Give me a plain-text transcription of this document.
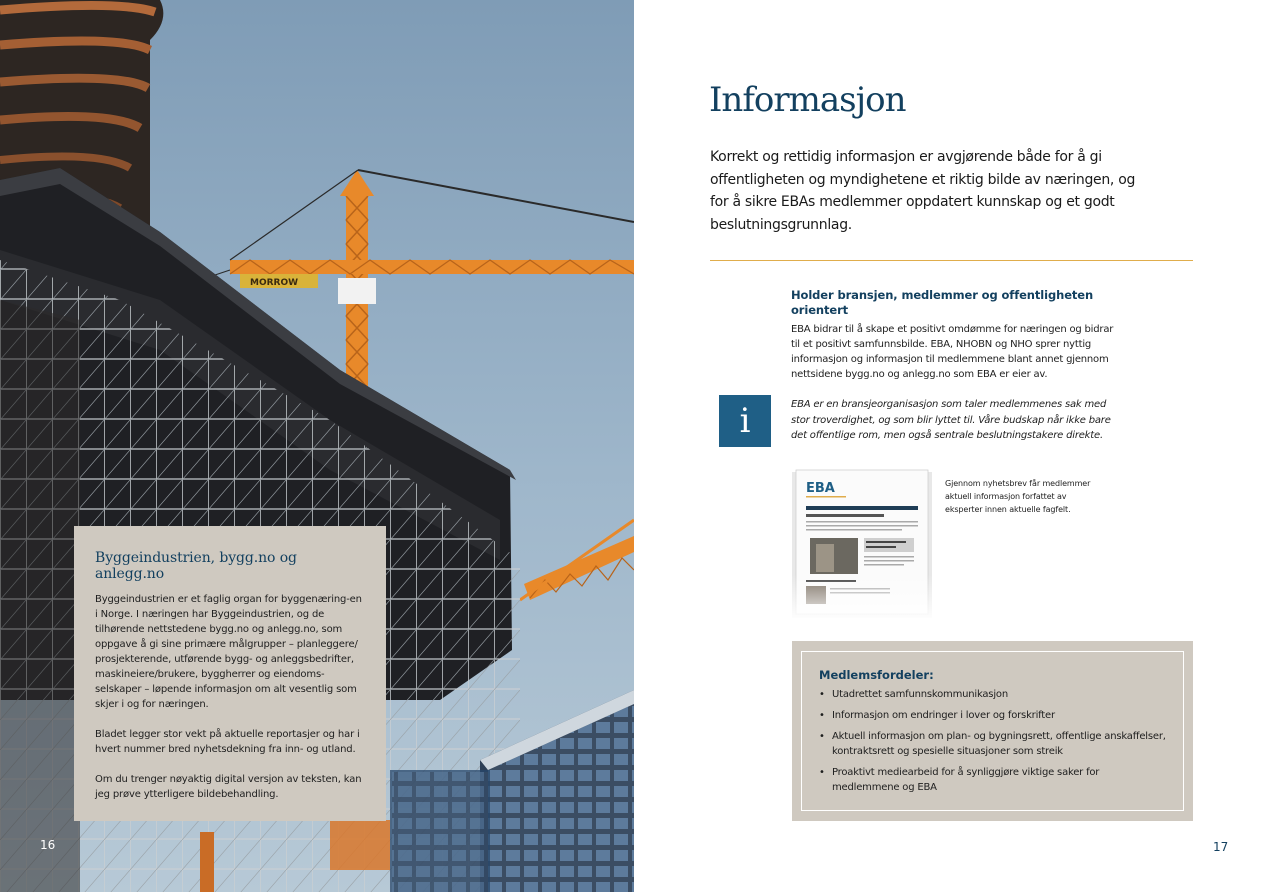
MORROW
Byggeindustrien, bygg.no og anlegg.no

Byggeindustrien er et faglig organ for byggenæring-en i Norge. I næringen har Byggeindustrien, og de tilhørende nettstedene bygg.no og anlegg.no, som oppgave å gi sine primære målgrupper – planleggere/ prosjekterende, utførende bygg- og anleggsbedrifter, maskineiere/brukere, byggherrer og eiendoms-selskaper – løpende informasjon om alt vesentlig som skjer i og for næringen.

Bladet legger stor vekt på aktuelle reportasjer og har i hvert nummer bred nyhetsdekning fra inn- og utland.

Om du trenger nøyaktig digital versjon av teksten, kan jeg prøve ytterligere bildebehandling.

16
Informasjon

Korrekt og rettidig informasjon er avgjørende både for å gi offentligheten og myndighetene et riktig bilde av næringen, og for å sikre EBAs medlemmer oppdatert kunnskap og et godt beslutningsgrunnlag.

Holder bransjen, medlemmer og offentligheten orientert

EBA bidrar til å skape et positivt omdømme for næringen og bidrar til et positivt samfunnsbilde. EBA, NHOBN og NHO sprer nyttig informasjon og informasjon til medlemmene blant annet gjennom nettsidene bygg.no og anlegg.no som EBA er eier av.

i	EBA er en bransjeorganisasjon som taler medlemmenes sak med stor troverdighet, og som blir lyttet til. Våre budskap når ikke bare det offentlige rom, men også sentrale beslutningstakere direkte.

Gjennom nyhetsbrev får medlemmer aktuell informasjon forfattet av eksperter innen aktuelle fagfelt.

Medlemsfordeler:
• Utadrettet samfunnskommunikasjon
• Informasjon om endringer i lover og forskrifter
• Aktuell informasjon om plan- og bygningsrett, offentlige anskaffelser, kontraktsrett og spesielle situasjoner som streik
• Proaktivt mediearbeid for å synliggjøre viktige saker for medlemmene og EBA
17
